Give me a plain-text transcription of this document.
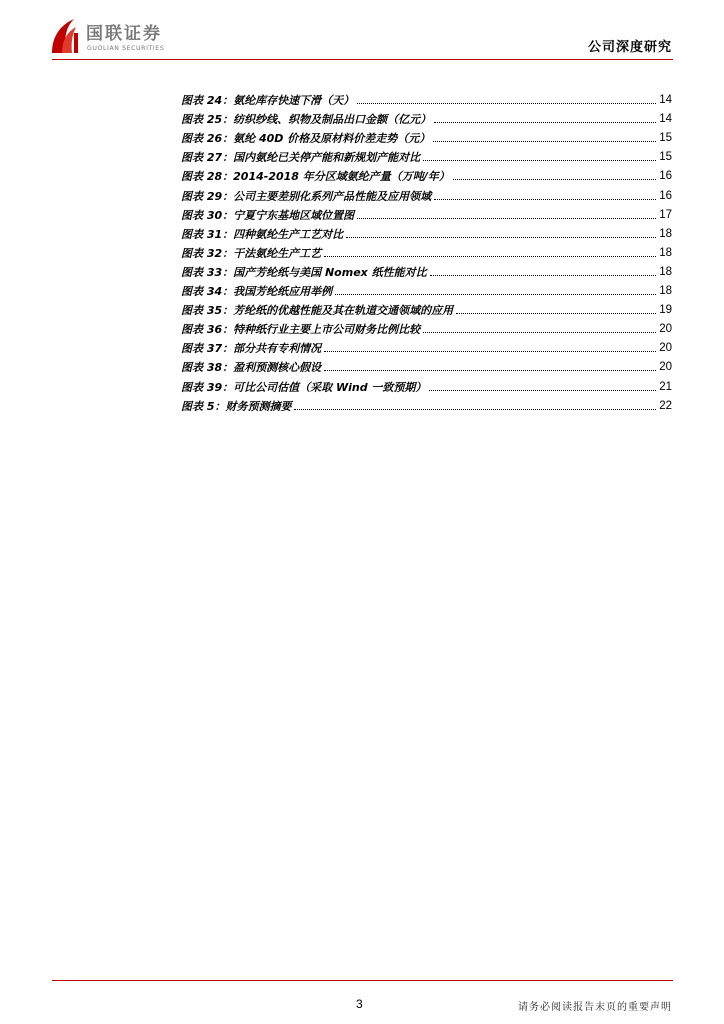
国联证券
GUOLIAN SECURITIES	公司深度研究
图表 24：氨纶库存快速下滑（天）	14
图表 25：纺织纱线、织物及制品出口金额（亿元）	14
图表 26：氨纶 40D 价格及原材料价差走势（元）	15
图表 27：国内氨纶已关停产能和新规划产能对比	15
图表 28：2014-2018 年分区域氨纶产量（万吨/年）	16
图表 29：公司主要差别化系列产品性能及应用领域	16
图表 30：宁夏宁东基地区域位置图	17
图表 31：四种氨纶生产工艺对比	18
图表 32：干法氨纶生产工艺	18
图表 33：国产芳纶纸与美国 Nomex 纸性能对比	18
图表 34：我国芳纶纸应用举例	18
图表 35：芳纶纸的优越性能及其在轨道交通领域的应用	19
图表 36：特种纸行业主要上市公司财务比例比较	20
图表 37：部分共有专利情况	20
图表 38：盈利预测核心假设	20
图表 39：可比公司估值（采取 Wind 一致预期）	21
图表 5：财务预测摘要	22
3	请务必阅读报告末页的重要声明
